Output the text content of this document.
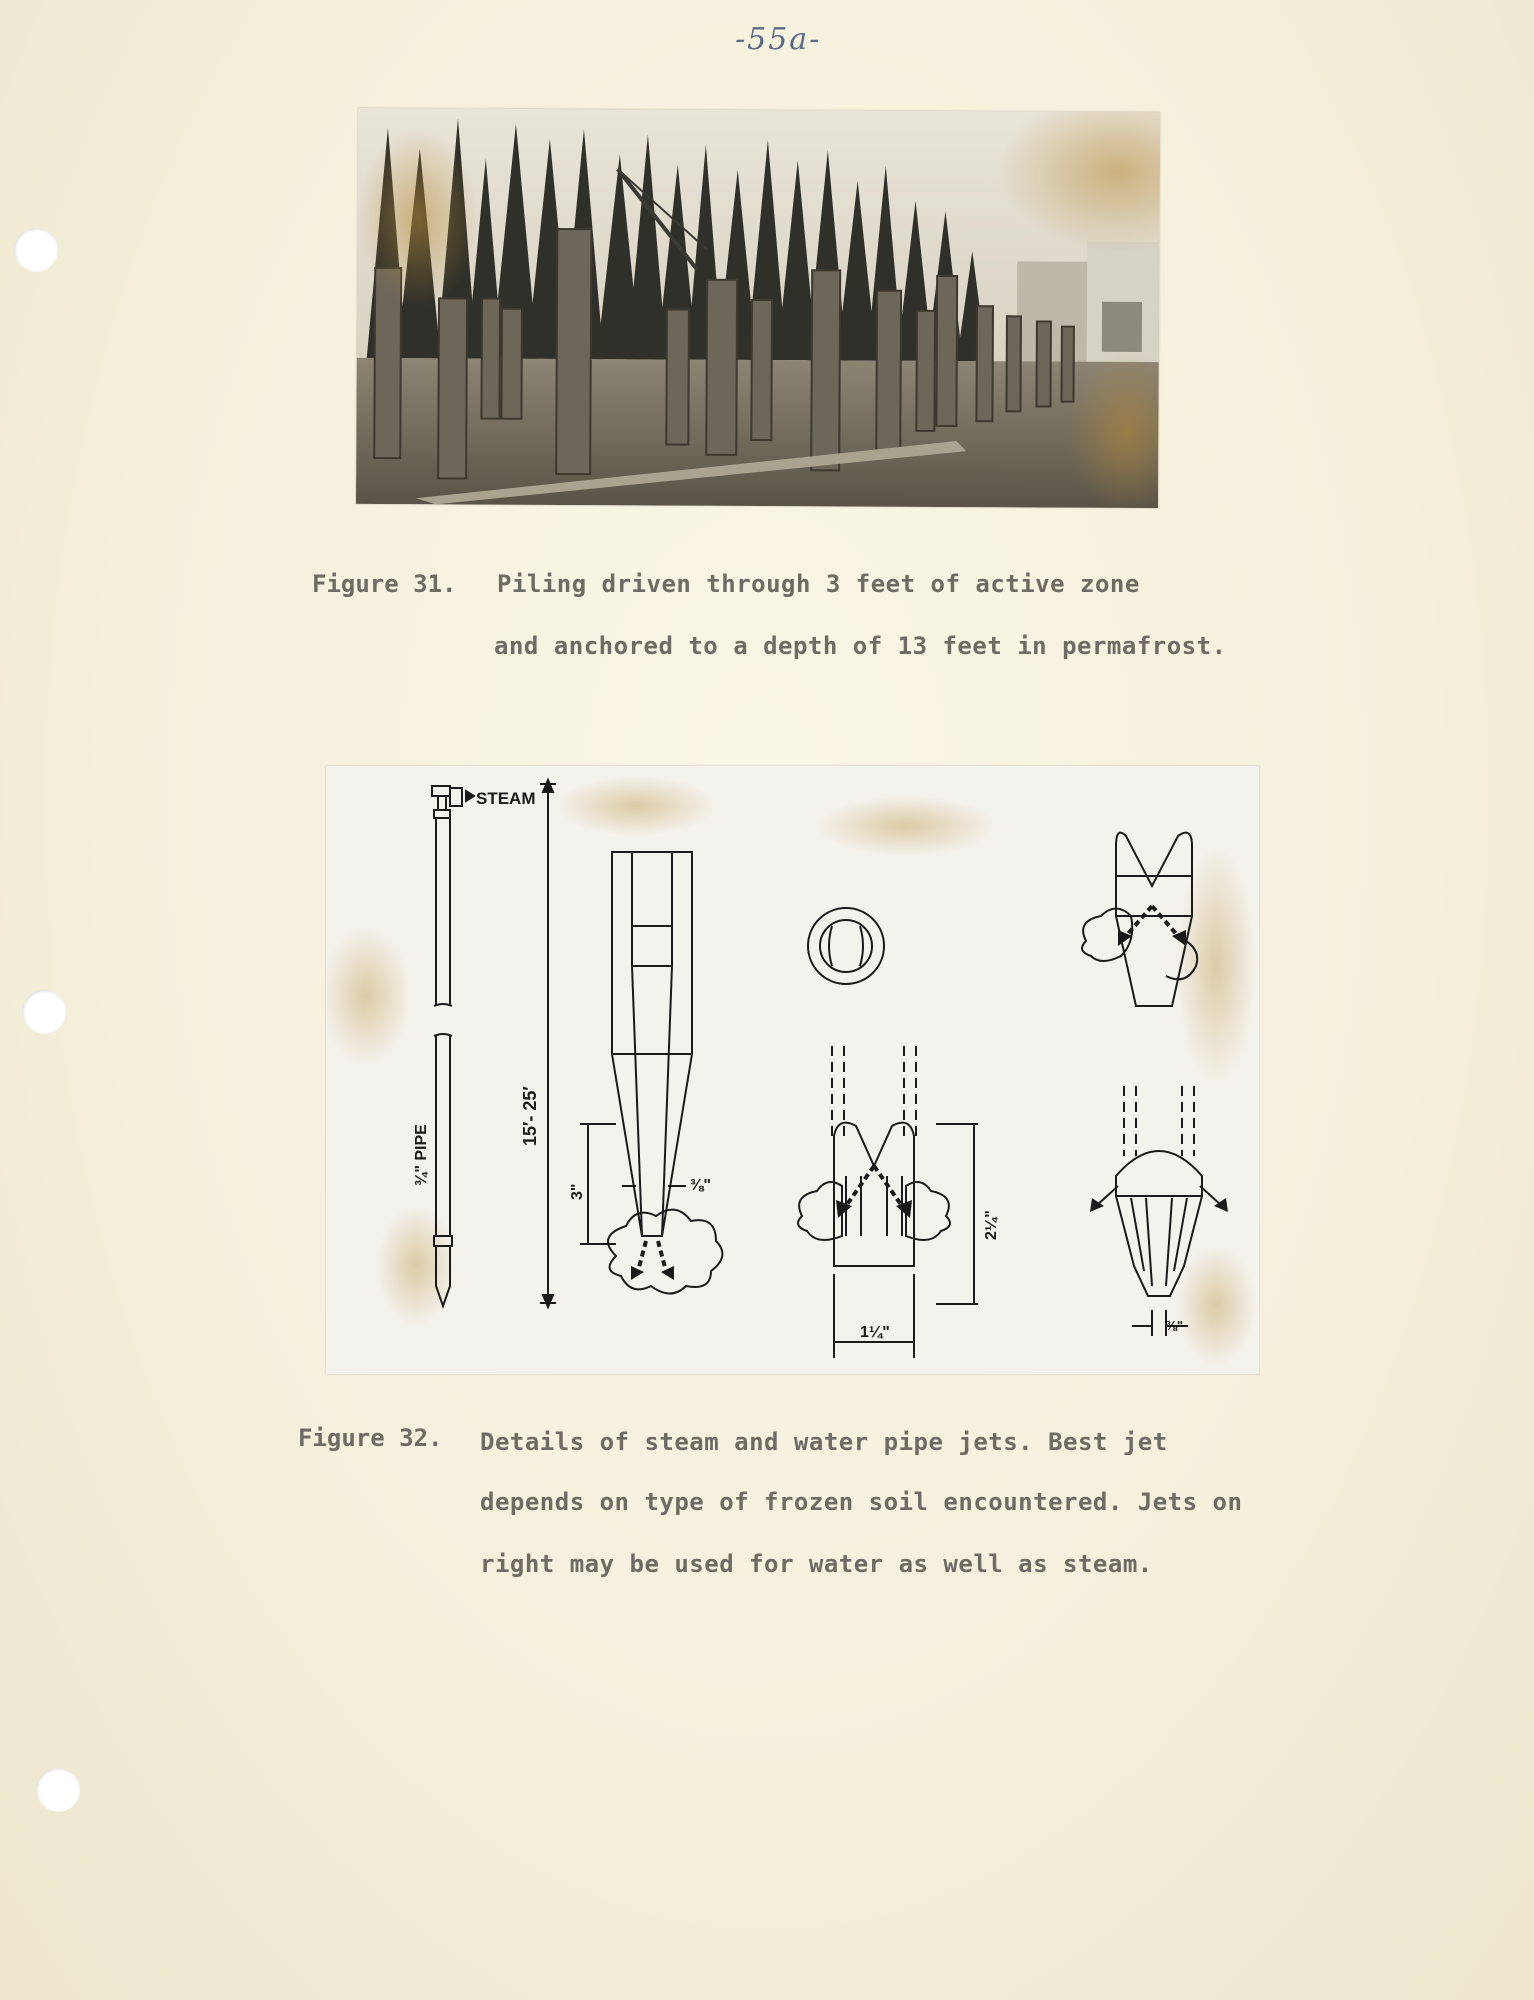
-55a-
Figure 31. Piling driven through 3 feet of active zone
and anchored to a depth of 13 feet in permafrost.
STEAM
¾" PIPE
15′- 25′
3"	⅜"
2¼"
1¼"	⅜"
Figure 32. Details of steam and water pipe jets. Best jet
depends on type of frozen soil encountered. Jets on
right may be used for water as well as steam.
